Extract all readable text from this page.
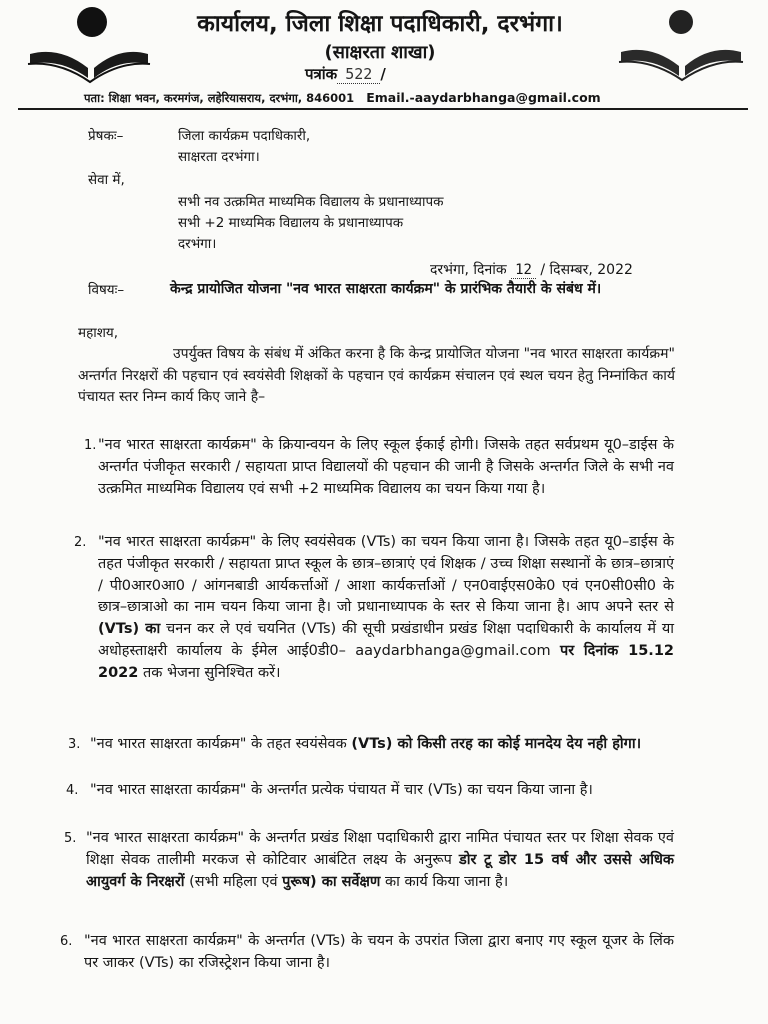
कार्यालय, जिला शिक्षा पदाधिकारी, दरभंगा।
(साक्षरता शाखा)
पत्रांक 522 /
पता: शिक्षा भवन, करमगंज, लहेरियासराय, दरभंगा, 846001 Email.-aaydarbhanga@gmail.com
प्रेषकः–	जिला कार्यक्रम पदाधिकारी,
साक्षरता दरभंगा।
सेवा में,
सभी नव उत्क्रमित माध्यमिक विद्यालय के प्रधानाध्यापक
सभी +2 माध्यमिक विद्यालय के प्रधानाध्यापक
दरभंगा।
दरभंगा, दिनांक 12 / दिसम्बर, 2022
विषयः–	केन्द्र प्रायोजित योजना "नव भारत साक्षरता कार्यक्रम" के प्रारंभिक तैयारी के संबंध में।
महाशय,
उपर्युक्त विषय के संबंध में अंकित करना है कि केन्द्र प्रायोजित योजना "नव भारत साक्षरता कार्यक्रम" अन्तर्गत निरक्षरों की पहचान एवं स्वयंसेवी शिक्षकों के पहचान एवं कार्यक्रम संचालन एवं स्थल चयन हेतु निम्नांकित कार्य पंचायत स्तर निम्न कार्य किए जाने है–
1. "नव भारत साक्षरता कार्यक्रम" के क्रियान्वयन के लिए स्कूल ईकाई होगी। जिसके तहत सर्वप्रथम यू0–डाईस के अन्तर्गत पंजीकृत सरकारी / सहायता प्राप्त विद्यालयों की पहचान की जानी है जिसके अन्तर्गत जिले के सभी नव उत्क्रमित माध्यमिक विद्यालय एवं सभी +2 माध्यमिक विद्यालय का चयन किया गया है।
2. "नव भारत साक्षरता कार्यक्रम" के लिए स्वयंसेवक (VTs) का चयन किया जाना है। जिसके तहत यू0–डाईस के तहत पंजीकृत सरकारी / सहायता प्राप्त स्कूल के छात्र–छात्राएं एवं शिक्षक / उच्च शिक्षा सस्थानों के छात्र–छात्राएं / पी0आर0आ0 / आंगनबाडी आर्यकर्त्ताओं / आशा कार्यकर्त्ताओं / एन0वाईएस0के0 एवं एन0सी0सी0 के छात्र–छात्राओ का नाम चयन किया जाना है। जो प्रधानाध्यापक के स्तर से किया जाना है। आप अपने स्तर से (VTs) का चनन कर ले एवं चयनित (VTs) की सूची प्रखंडाधीन प्रखंड शिक्षा पदाधिकारी के कार्यालय में या अधोहस्ताक्षरी कार्यालय के ईमेल आई0डी0– aaydarbhanga@gmail.com पर दिनांक 15.12 2022 तक भेजना सुनिश्चित करें।
3. "नव भारत साक्षरता कार्यक्रम" के तहत स्वयंसेवक (VTs) को किसी तरह का कोई मानदेय देय नही होगा।
4. "नव भारत साक्षरता कार्यक्रम" के अन्तर्गत प्रत्येक पंचायत में चार (VTs) का चयन किया जाना है।
5. "नव भारत साक्षरता कार्यक्रम" के अन्तर्गत प्रखंड शिक्षा पदाधिकारी द्वारा नामित पंचायत स्तर पर शिक्षा सेवक एवं शिक्षा सेवक तालीमी मरकज से कोटिवार आबंटित लक्ष्य के अनुरूप डोर टू डोर 15 वर्ष और उससे अधिक आयुवर्ग के निरक्षरों (सभी महिला एवं पुरूष) का सर्वेक्षण का कार्य किया जाना है।
6. "नव भारत साक्षरता कार्यक्रम" के अन्तर्गत (VTs) के चयन के उपरांत जिला द्वारा बनाए गए स्कूल यूजर के लिंक पर जाकर (VTs) का रजिस्ट्रेशन किया जाना है।
